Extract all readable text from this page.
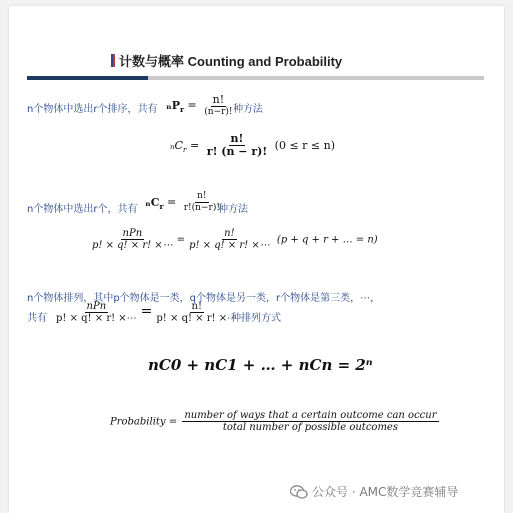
计数与概率 Counting and Probability
n个物体中选出r个排序，共有 $_nP_r = \frac{n!}{(n-r)!}$
种方法
$_nC_r = \frac{n!}{r! (n - r)!} (0 \le r \le n)$
n个物体中选出r个，共有
$_nC_r = \frac{n!}{r!(n-r)!}$
种方法
$\frac{\text{nPn}}{p! \times q! \times r! \times\cdots} = \frac{n!}{p! \times q! \times r! \times\cdots} (p + q + r$ + … = n)
n个物体排列，其中p个物体是一类，q个物体是另一类，r个物体是第三类，⋯，
共有 $\frac{\text{nPn}}{p! \times q! \times r! \times\cdots} = \frac{n!}{p! \times q! \times r! \times\cdots}$
种排列方式
nC0 + nC1 + … + nCn = 2ⁿ
Probability = $\frac{\text{number of ways that a certain outcome can occur}}{\text{total number of possible outcomes}}$
公众号 · AMC数学竞赛辅导
